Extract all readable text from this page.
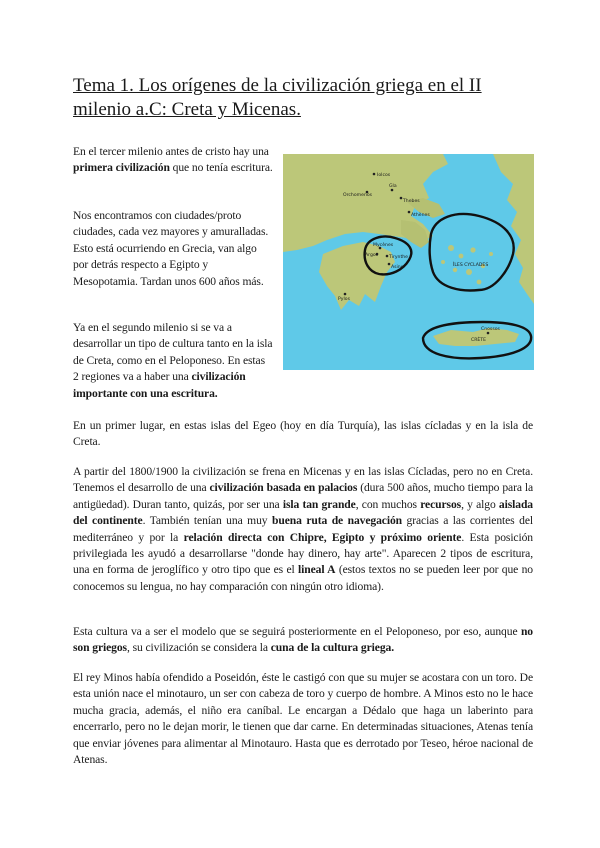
Tema 1. Los orígenes de la civilización griega en el II milenio a.C: Creta y Micenas.

En el tercer milenio antes de cristo hay una primera civilización que no tenía escritura.

Nos encontramos con ciudades/proto ciudades, cada vez mayores y amuralladas. Esto está ocurriendo en Grecia, van algo por detrás respecto a Egipto y Mesopotamia. Tardan unos 600 años más.

Ya en el segundo milenio si se va a desarrollar un tipo de cultura tanto en la isla de Creta, como en el Peloponeso. En estas 2 regiones va a haber una civilización importante con una escritura.

Iolcos
Orchomenos
Gla
Thebes
Athènes
Mycènes
Argos Tirynthe
Asine
Pylos
ÎLES CYCLADES
Cnossos
CRÈTE

En un primer lugar, en estas islas del Egeo (hoy en día Turquía), las islas cícladas y en la isla de Creta.

A partir del 1800/1900 la civilización se frena en Micenas y en las islas Cícladas, pero no en Creta. Tenemos el desarrollo de una civilización basada en palacios (dura 500 años, mucho tiempo para la antigüedad). Duran tanto, quizás, por ser una isla tan grande, con muchos recursos, y algo aislada del continente. También tenían una muy buena ruta de navegación gracias a las corrientes del mediterráneo y por la relación directa con Chipre, Egipto y próximo oriente. Esta posición privilegiada les ayudó a desarrollarse "donde hay dinero, hay arte". Aparecen 2 tipos de escritura, una en forma de jeroglífico y otro tipo que es el lineal A (estos textos no se pueden leer por que no conocemos su lengua, no hay comparación con ningún otro idioma).

Esta cultura va a ser el modelo que se seguirá posteriormente en el Peloponeso, por eso, aunque no son griegos, su civilización se considera la cuna de la cultura griega.

El rey Minos había ofendido a Poseidón, éste le castigó con que su mujer se acostara con un toro. De esta unión nace el minotauro, un ser con cabeza de toro y cuerpo de hombre. A Minos esto no le hace mucha gracia, además, el niño era caníbal. Le encargan a Dédalo que haga un laberinto para encerrarlo, pero no le dejan morir, le tienen que dar carne. En determinadas situaciones, Atenas tenía que enviar jóvenes para alimentar al Minotauro. Hasta que es derrotado por Teseo, héroe nacional de Atenas.
